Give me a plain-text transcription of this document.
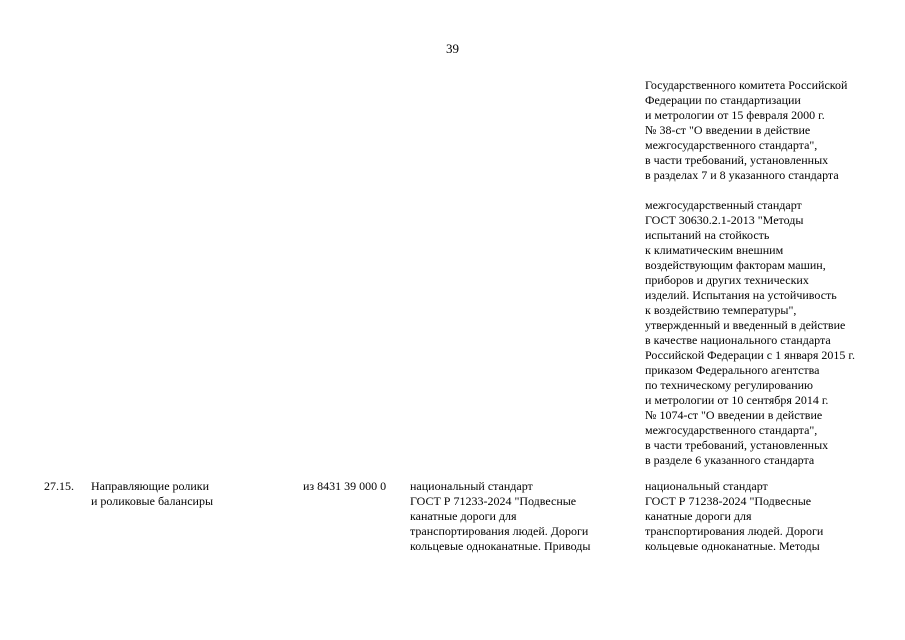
39
Государственного комитета Российской
Федерации по стандартизации
и метрологии от 15 февраля 2000 г.
№ 38-ст "О введении в действие
межгосударственного стандарта",
в части требований, установленных
в разделах 7 и 8 указанного стандарта
межгосударственный стандарт
ГОСТ 30630.2.1-2013 "Методы
испытаний на стойкость
к климатическим внешним
воздействующим факторам машин,
приборов и других технических
изделий. Испытания на устойчивость
к воздействию температуры",
утвержденный и введенный в действие
в качестве национального стандарта
Российской Федерации с 1 января 2015 г.
приказом Федерального агентства
по техническому регулированию
и метрологии от 10 сентября 2014 г.
№ 1074-ст "О введении в действие
межгосударственного стандарта",
в части требований, установленных
в разделе 6 указанного стандарта
27.15. Направляющие ролики
и роликовые балансиры
из 8431 39 000 0 национальный стандарт
ГОСТ Р 71233-2024 "Подвесные
канатные дороги для
транспортирования людей. Дороги
кольцевые одноканатные. Приводы
национальный стандарт
ГОСТ Р 71238-2024 "Подвесные
канатные дороги для
транспортирования людей. Дороги
кольцевые одноканатные. Методы
